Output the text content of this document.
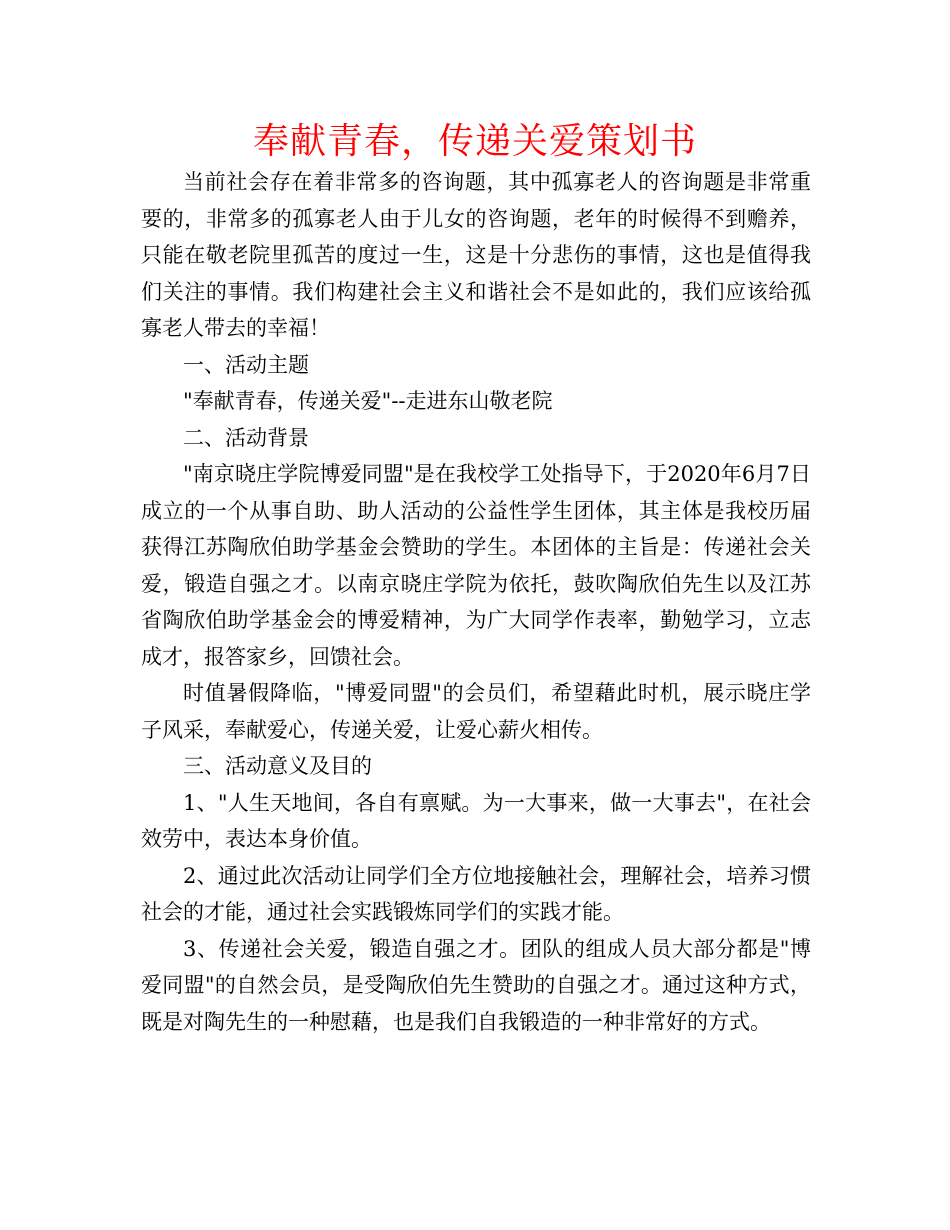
奉献青春，传递关爱策划书

当前社会存在着非常多的咨询题，其中孤寡老人的咨询题是非常重要的，非常多的孤寡老人由于儿女的咨询题，老年的时候得不到赡养，只能在敬老院里孤苦的度过一生，这是十分悲伤的事情，这也是值得我们关注的事情。我们构建社会主义和谐社会不是如此的，我们应该给孤寡老人带去的幸福！

一、活动主题

"奉献青春，传递关爱"--走进东山敬老院

二、活动背景

"南京晓庄学院博爱同盟"是在我校学工处指导下，于2020年6月7日成立的一个从事自助、助人活动的公益性学生团体，其主体是我校历届获得江苏陶欣伯助学基金会赞助的学生。本团体的主旨是：传递社会关爱，锻造自强之才。以南京晓庄学院为依托，鼓吹陶欣伯先生以及江苏省陶欣伯助学基金会的博爱精神，为广大同学作表率，勤勉学习，立志成才，报答家乡，回馈社会。

时值暑假降临，"博爱同盟"的会员们，希望藉此时机，展示晓庄学子风采，奉献爱心，传递关爱，让爱心薪火相传。

三、活动意义及目的

1、"人生天地间，各自有禀赋。为一大事来，做一大事去"，在社会效劳中，表达本身价值。

2、通过此次活动让同学们全方位地接触社会，理解社会，培养习惯社会的才能，通过社会实践锻炼同学们的实践才能。

3、传递社会关爱，锻造自强之才。团队的组成人员大部分都是"博爱同盟"的自然会员，是受陶欣伯先生赞助的自强之才。通过这种方式，既是对陶先生的一种慰藉，也是我们自我锻造的一种非常好的方式。
